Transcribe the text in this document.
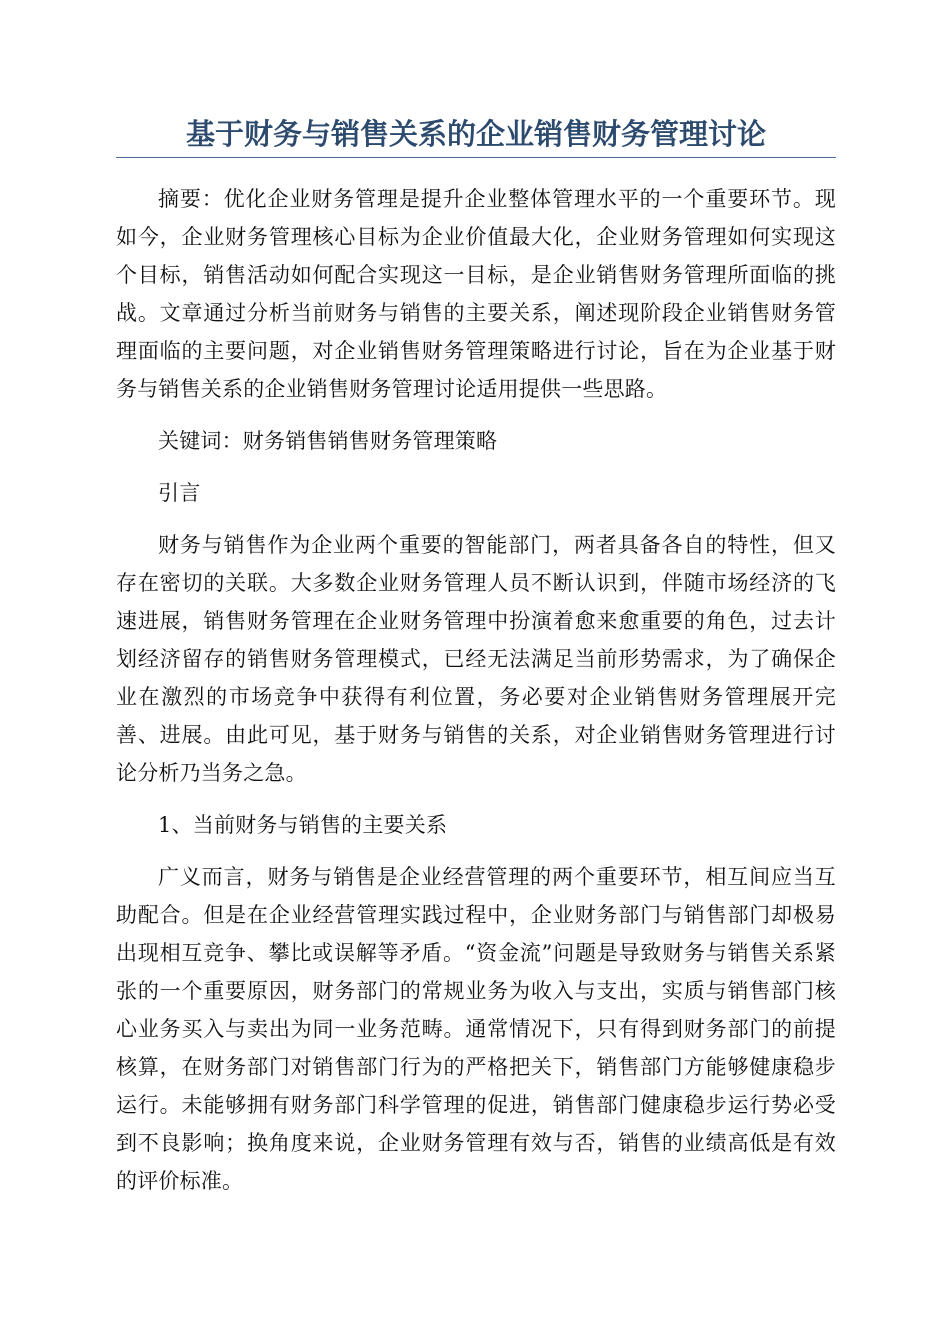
基于财务与销售关系的企业销售财务管理讨论

摘要：优化企业财务管理是提升企业整体管理水平的一个重要环节。现如今，企业财务管理核心目标为企业价值最大化，企业财务管理如何实现这个目标，销售活动如何配合实现这一目标，是企业销售财务管理所面临的挑战。文章通过分析当前财务与销售的主要关系，阐述现阶段企业销售财务管理面临的主要问题，对企业销售财务管理策略进行讨论，旨在为企业基于财务与销售关系的企业销售财务管理讨论适用提供一些思路。

关键词：财务销售销售财务管理策略

引言

财务与销售作为企业两个重要的智能部门，两者具备各自的特性，但又存在密切的关联。大多数企业财务管理人员不断认识到，伴随市场经济的飞速进展，销售财务管理在企业财务管理中扮演着愈来愈重要的角色，过去计划经济留存的销售财务管理模式，已经无法满足当前形势需求，为了确保企业在激烈的市场竞争中获得有利位置，务必要对企业销售财务管理展开完善、进展。由此可见，基于财务与销售的关系，对企业销售财务管理进行讨论分析乃当务之急。

1、当前财务与销售的主要关系

广义而言，财务与销售是企业经营管理的两个重要环节，相互间应当互助配合。但是在企业经营管理实践过程中，企业财务部门与销售部门却极易出现相互竞争、攀比或误解等矛盾。“资金流”问题是导致财务与销售关系紧张的一个重要原因，财务部门的常规业务为收入与支出，实质与销售部门核心业务买入与卖出为同一业务范畴。通常情况下，只有得到财务部门的前提核算，在财务部门对销售部门行为的严格把关下，销售部门方能够健康稳步运行。未能够拥有财务部门科学管理的促进，销售部门健康稳步运行势必受到不良影响；换角度来说，企业财务管理有效与否，销售的业绩高低是有效的评价标准。
